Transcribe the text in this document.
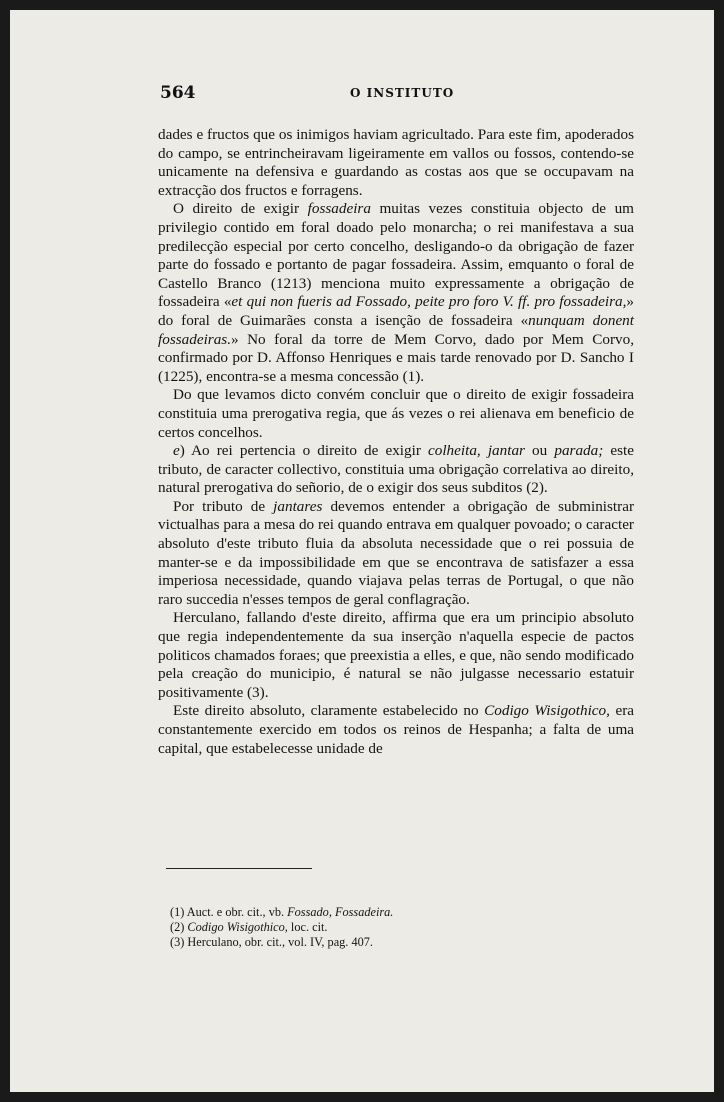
564	O INSTITUTO

dades e fructos que os inimigos haviam agricultado. Para este fim, apoderados do campo, se entrincheiravam ligeiramente em vallos ou fossos, contendo-se unicamente na defensiva e guardando as costas aos que se occupavam na extracção dos fructos e forragens.

O direito de exigir fossadeira muitas vezes constituia objecto de um privilegio contido em foral doado pelo monarcha; o rei manifestava a sua predilecção especial por certo concelho, desligando-o da obrigação de fazer parte do fossado e portanto de pagar fossadeira. Assim, emquanto o foral de Castello Branco (1213) menciona muito expressamente a obrigação de fossadeira «et qui non fueris ad Fossado, peite pro foro V. ff. pro fossadeira,» do foral de Guimarães consta a isenção de fossadeira «nunquam donent fossadeiras.» No foral da torre de Mem Corvo, dado por Mem Corvo, confirmado por D. Affonso Henriques e mais tarde renovado por D. Sancho I (1225), encontra-se a mesma concessão (1).

Do que levamos dicto convém concluir que o direito de exigir fossadeira constituia uma prerogativa regia, que ás vezes o rei alienava em beneficio de certos concelhos.

e) Ao rei pertencia o direito de exigir colheita, jantar ou parada; este tributo, de caracter collectivo, constituia uma obrigação correlativa ao direito, natural prerogativa do señorio, de o exigir dos seus subditos (2).

Por tributo de jantares devemos entender a obrigação de subministrar victualhas para a mesa do rei quando entrava em qualquer povoado; o caracter absoluto d'este tributo fluia da absoluta necessidade que o rei possuia de manter-se e da impossibilidade em que se encontrava de satisfazer a essa imperiosa necessidade, quando viajava pelas terras de Portugal, o que não raro succedia n'esses tempos de geral conflagração.

Herculano, fallando d'este direito, affirma que era um principio absoluto que regia independentemente da sua inserção n'aquella especie de pactos politicos chamados foraes; que preexistia a elles, e que, não sendo modificado pela creação do municipio, é natural se não julgasse necessario estatuir positivamente (3).

Este direito absoluto, claramente estabelecido no Codigo Wisigothico, era constantemente exercido em todos os reinos de Hespanha; a falta de uma capital, que estabelecesse unidade de

(1) Auct. e obr. cit., vb. Fossado, Fossadeira.
(2) Codigo Wisigothico, loc. cit.
(3) Herculano, obr. cit., vol. IV, pag. 407.
